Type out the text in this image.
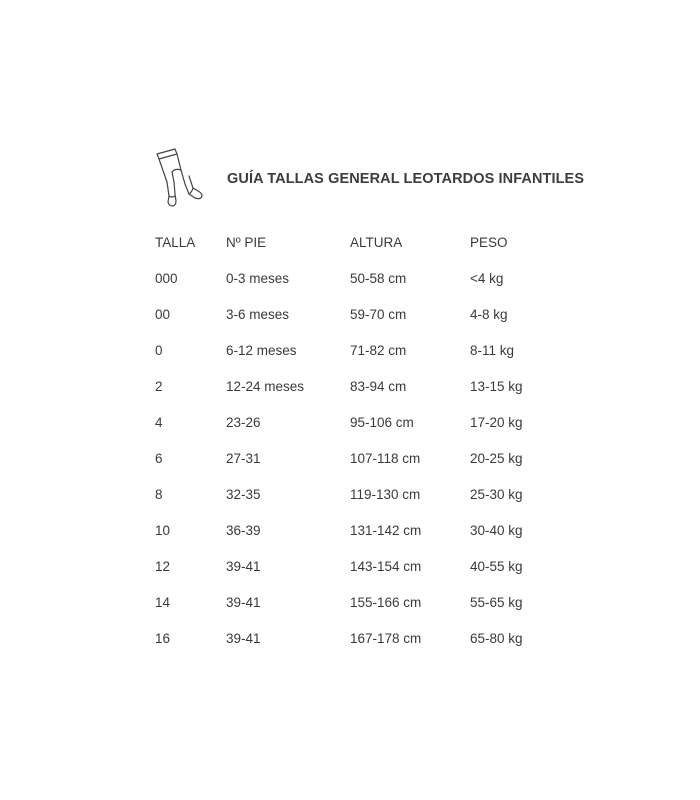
GUÍA TALLAS GENERAL LEOTARDOS INFANTILES
TALLA	Nº PIE	ALTURA	PESO
000	0-3 meses	50-58 cm	<4 kg
00	3-6 meses	59-70 cm	4-8 kg
0	6-12 meses	71-82 cm	8-11 kg
2	12-24 meses	83-94 cm	13-15 kg
4	23-26	95-106 cm	17-20 kg
6	27-31	107-118 cm	20-25 kg
8	32-35	119-130 cm	25-30 kg
10	36-39	131-142 cm	30-40 kg
12	39-41	143-154 cm	40-55 kg
14	39-41	155-166 cm	55-65 kg
16	39-41	167-178 cm	65-80 kg
